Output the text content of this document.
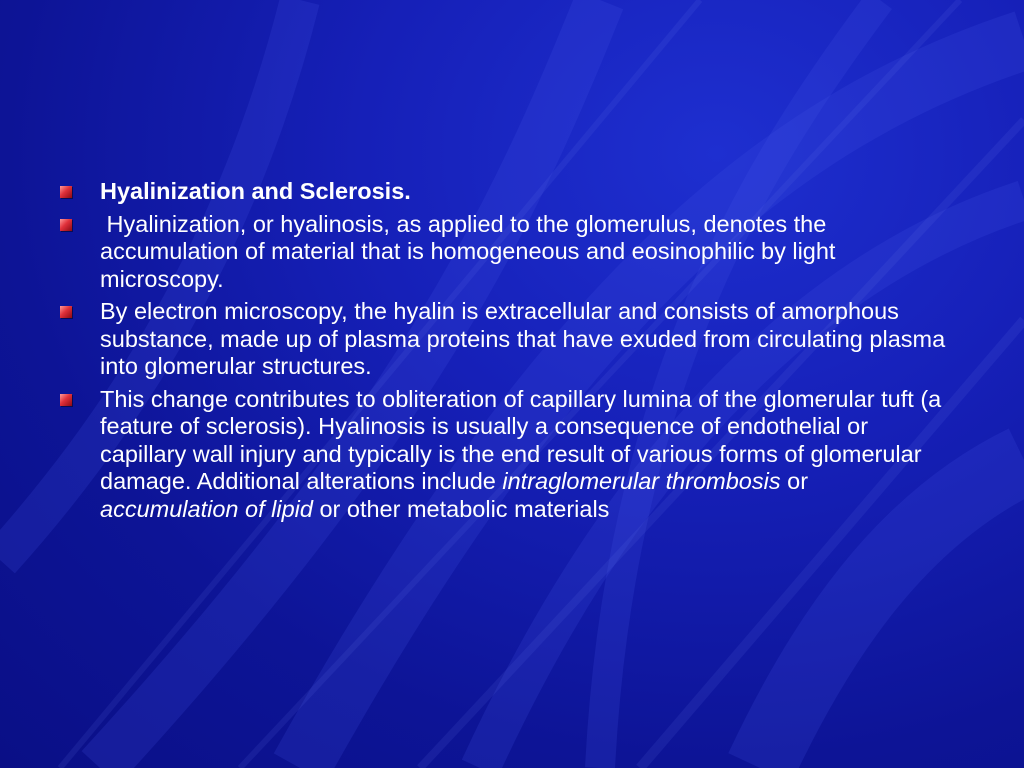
Hyalinization and Sclerosis.
Hyalinization, or hyalinosis, as applied to the glomerulus, denotes the accumulation of material that is homogeneous and eosinophilic by light microscopy.
By electron microscopy, the hyalin is extracellular and consists of amorphous substance, made up of plasma proteins that have exuded from circulating plasma into glomerular structures.
This change contributes to obliteration of capillary lumina of the glomerular tuft (a feature of sclerosis). Hyalinosis is usually a consequence of endothelial or capillary wall injury and typically is the end result of various forms of glomerular damage. Additional alterations include intraglomerular thrombosis or accumulation of lipid or other metabolic materials
